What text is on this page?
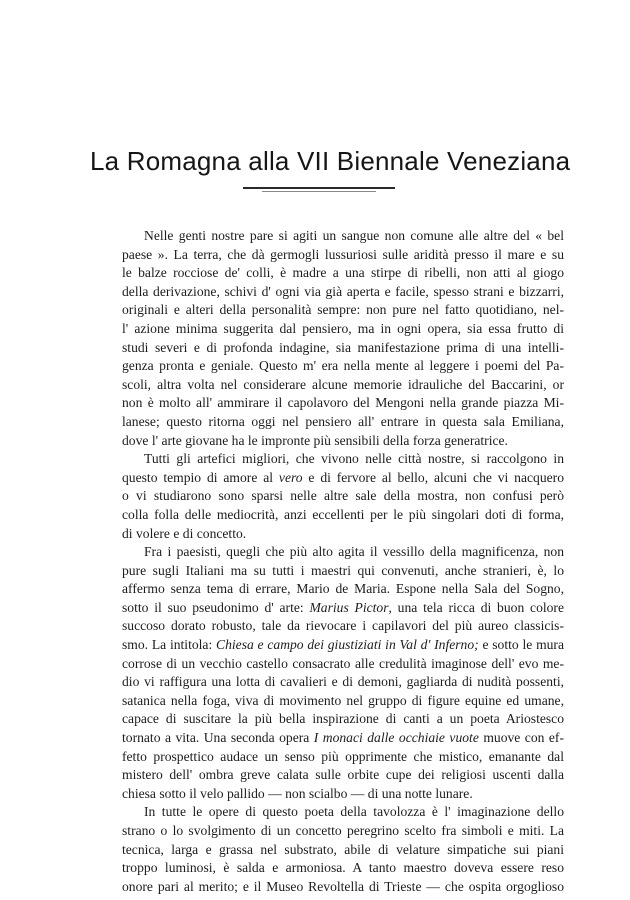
La Romagna alla VII Biennale Veneziana
Nelle genti nostre pare si agiti un sangue non comune alle altre del « bel
paese ». La terra, che dà germogli lussuriosi sulle aridità presso il mare e su
le balze rocciose de' colli, è madre a una stirpe di ribelli, non atti al giogo
della derivazione, schivi d' ogni via già aperta e facile, spesso strani e bizzarri,
originali e alteri della personalità sempre: non pure nel fatto quotidiano, nel-
l' azione minima suggerita dal pensiero, ma in ogni opera, sia essa frutto di
studi severi e di profonda indagine, sia manifestazione prima di una intelli-
genza pronta e geniale. Questo m' era nella mente al leggere i poemi del Pa-
scoli, altra volta nel considerare alcune memorie idrauliche del Baccarini, or
non è molto all' ammirare il capolavoro del Mengoni nella grande piazza Mi-
lanese; questo ritorna oggi nel pensiero all' entrare in questa sala Emiliana,
dove l' arte giovane ha le impronte più sensibili della forza generatrice.
Tutti gli artefici migliori, che vivono nelle città nostre, si raccolgono in
questo tempio di amore al vero e di fervore al bello, alcuni che vi nacquero
o vi studiarono sono sparsi nelle altre sale della mostra, non confusi però
colla folla delle mediocrità, anzi eccellenti per le più singolari doti di forma,
di volere e di concetto.
Fra i paesisti, quegli che più alto agita il vessillo della magnificenza, non
pure sugli Italiani ma su tutti i maestri qui convenuti, anche stranieri, è, lo
affermo senza tema di errare, Mario de Maria. Espone nella Sala del Sogno,
sotto il suo pseudonimo d' arte: Marius Pictor, una tela ricca di buon colore
succoso dorato robusto, tale da rievocare i capilavori del più aureo classicis-
smo. La intitola: Chiesa e campo dei giustiziati in Val d' Inferno; e sotto le mura
corrose di un vecchio castello consacrato alle credulità imaginose dell' evo me-
dio vi raffigura una lotta di cavalieri e di demoni, gagliarda di nudità possenti,
satanica nella foga, viva di movimento nel gruppo di figure equine ed umane,
capace di suscitare la più bella inspirazione di canti a un poeta Ariostesco
tornato a vita. Una seconda opera I monaci dalle occhiaie vuote muove con ef-
fetto prospettico audace un senso più opprimente che mistico, emanante dal
mistero dell' ombra greve calata sulle orbite cupe dei religiosi uscenti dalla
chiesa sotto il velo pallido — non scialbo — di una notte lunare.
In tutte le opere di questo poeta della tavolozza è l' imaginazione dello
strano o lo svolgimento di un concetto peregrino scelto fra simboli e miti. La
tecnica, larga e grassa nel substrato, abile di velature simpatiche sui piani
troppo luminosi, è salda e armoniosa. A tanto maestro doveva essere reso
onore pari al merito; e il Museo Revoltella di Trieste — che ospita orgoglioso
